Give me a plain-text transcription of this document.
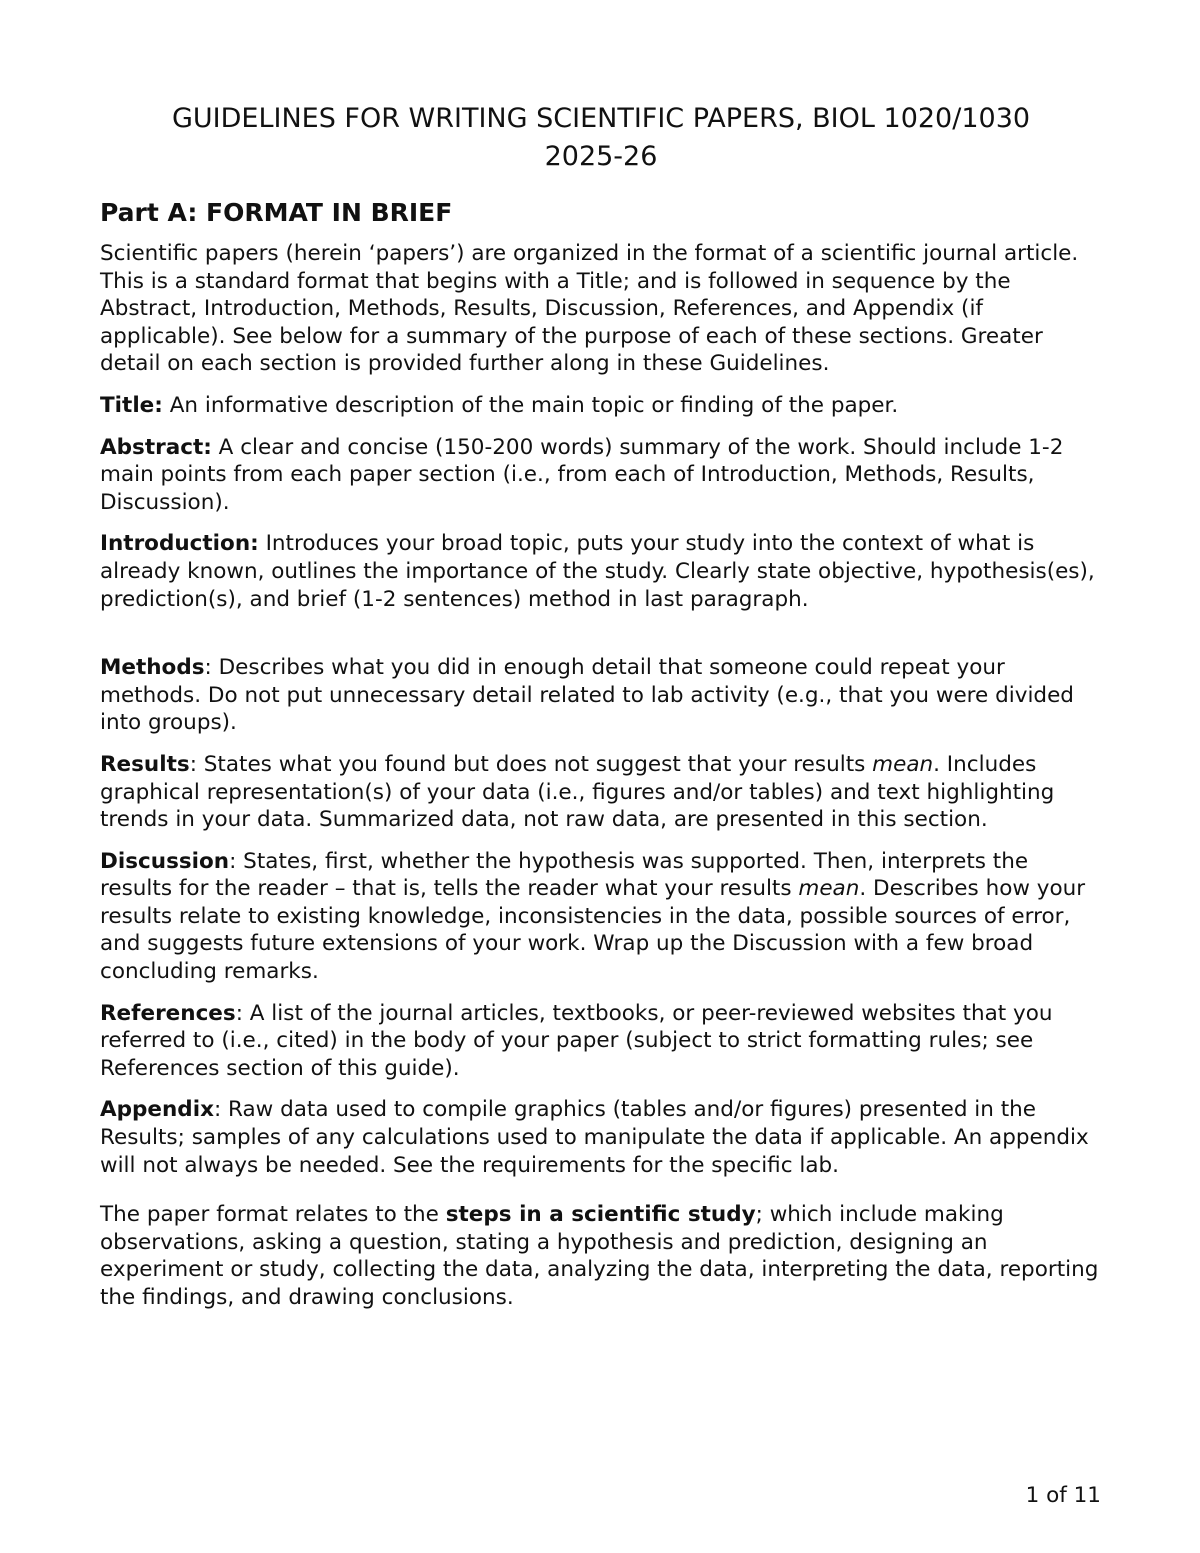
GUIDELINES FOR WRITING SCIENTIFIC PAPERS, BIOL 1020/1030
2025-26
Part A: FORMAT IN BRIEF

Scientific papers (herein ‘papers’) are organized in the format of a scientific journal article. This is a standard format that begins with a Title; and is followed in sequence by the Abstract, Introduction, Methods, Results, Discussion, References, and Appendix (if applicable). See below for a summary of the purpose of each of these sections. Greater detail on each section is provided further along in these Guidelines.

Title: An informative description of the main topic or finding of the paper.

Abstract: A clear and concise (150-200 words) summary of the work. Should include 1-2 main points from each paper section (i.e., from each of Introduction, Methods, Results, Discussion).

Introduction: Introduces your broad topic, puts your study into the context of what is already known, outlines the importance of the study. Clearly state objective, hypothesis(es), prediction(s), and brief (1-2 sentences) method in last paragraph.

Methods: Describes what you did in enough detail that someone could repeat your methods. Do not put unnecessary detail related to lab activity (e.g., that you were divided into groups).

Results: States what you found but does not suggest that your results mean. Includes graphical representation(s) of your data (i.e., figures and/or tables) and text highlighting trends in your data. Summarized data, not raw data, are presented in this section.

Discussion: States, first, whether the hypothesis was supported. Then, interprets the results for the reader – that is, tells the reader what your results mean. Describes how your results relate to existing knowledge, inconsistencies in the data, possible sources of error, and suggests future extensions of your work. Wrap up the Discussion with a few broad concluding remarks.

References: A list of the journal articles, textbooks, or peer-reviewed websites that you referred to (i.e., cited) in the body of your paper (subject to strict formatting rules; see References section of this guide).

Appendix: Raw data used to compile graphics (tables and/or figures) presented in the Results; samples of any calculations used to manipulate the data if applicable. An appendix will not always be needed. See the requirements for the specific lab.

The paper format relates to the steps in a scientific study; which include making observations, asking a question, stating a hypothesis and prediction, designing an experiment or study, collecting the data, analyzing the data, interpreting the data, reporting the findings, and drawing conclusions.

1 of 11
